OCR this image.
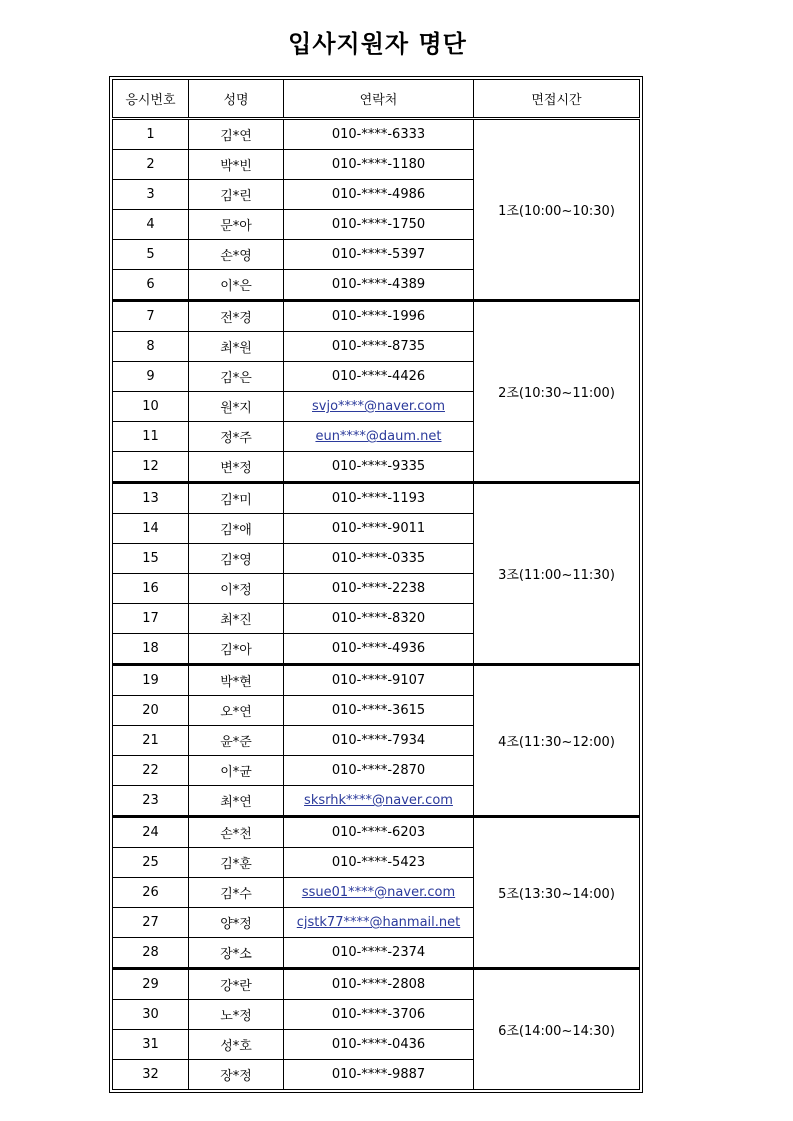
입사지원자 명단
응시번호	성명	연락처	면접시간
1	김*연	010-****-6333	1조(10:00~10:30)
2	박*빈	010-****-1180	
3	김*린	010-****-4986	
4	문*아	010-****-1750	
5	손*영	010-****-5397	
6	이*은	010-****-4389	
7	전*경	010-****-1996	2조(10:30~11:00)
8	최*원	010-****-8735	
9	김*은	010-****-4426	
10	원*지	svjo****@naver.com	
11	정*주	eun****@daum.net	
12	변*정	010-****-9335	
13	김*미	010-****-1193	3조(11:00~11:30)
14	김*애	010-****-9011	
15	김*영	010-****-0335	
16	이*정	010-****-2238	
17	최*진	010-****-8320	
18	김*아	010-****-4936	
19	박*현	010-****-9107	4조(11:30~12:00)
20	오*연	010-****-3615	
21	윤*준	010-****-7934	
22	이*균	010-****-2870	
23	최*연	sksrhk****@naver.com	
24	손*천	010-****-6203	5조(13:30~14:00)
25	김*훈	010-****-5423	
26	김*수	ssue01****@naver.com	
27	양*정	cjstk77****@hanmail.net	
28	장*소	010-****-2374	
29	강*란	010-****-2808	6조(14:00~14:30)
30	노*정	010-****-3706	
31	성*호	010-****-0436	
32	장*정	010-****-9887	
